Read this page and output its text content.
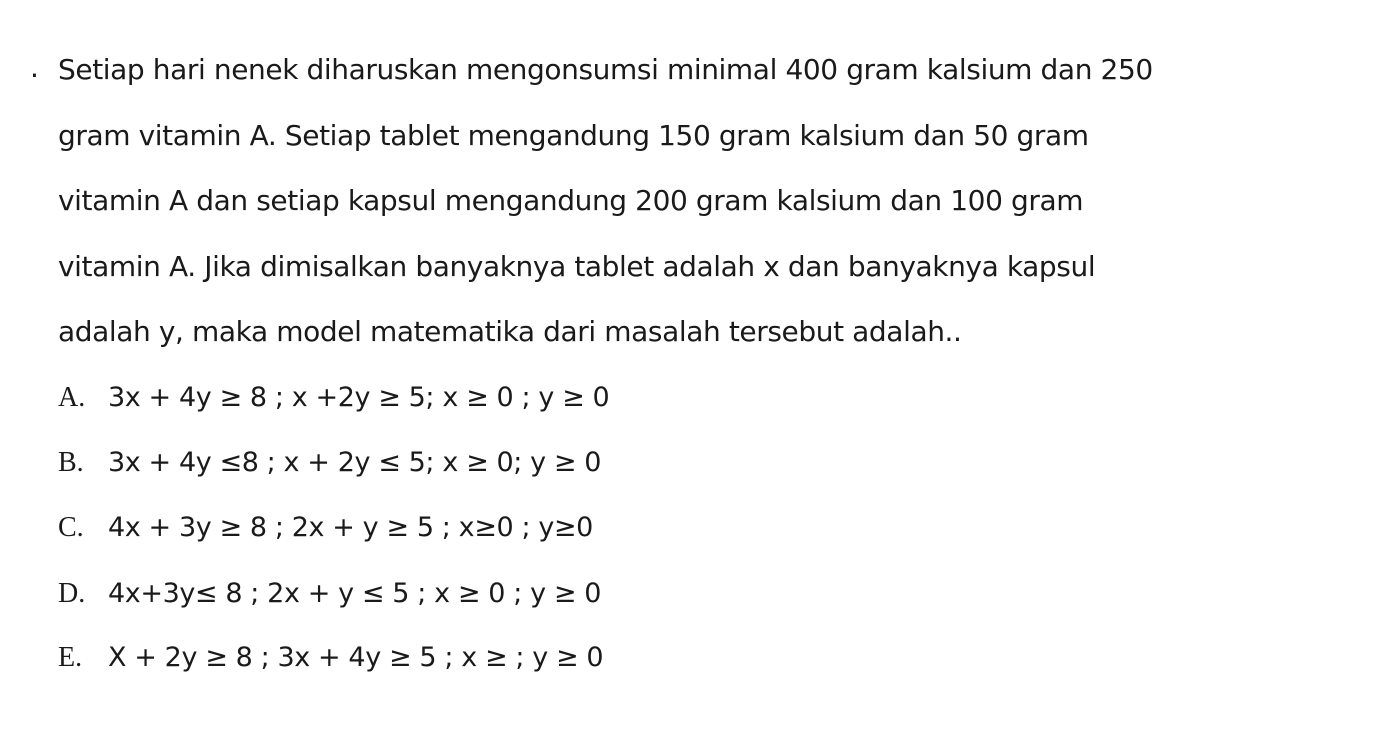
. Setiap hari nenek diharuskan mengonsumsi minimal 400 gram kalsium dan 250
gram vitamin A. Setiap tablet mengandung 150 gram kalsium dan 50 gram
vitamin A dan setiap kapsul mengandung 200 gram kalsium dan 100 gram
vitamin A. Jika dimisalkan banyaknya tablet adalah x dan banyaknya kapsul
adalah y, maka model matematika dari masalah tersebut adalah..
A. 3x + 4y ≥ 8 ; x +2y ≥ 5; x ≥ 0 ; y ≥ 0
B. 3x + 4y ≤8 ; x + 2y ≤ 5; x ≥ 0; y ≥ 0
C. 4x + 3y ≥ 8 ; 2x + y ≥ 5 ; x≥0 ; y≥0
D. 4x+3y≤ 8 ; 2x + y ≤ 5 ; x ≥ 0 ; y ≥ 0
E. X + 2y ≥ 8 ; 3x + 4y ≥ 5 ; x ≥ ; y ≥ 0
